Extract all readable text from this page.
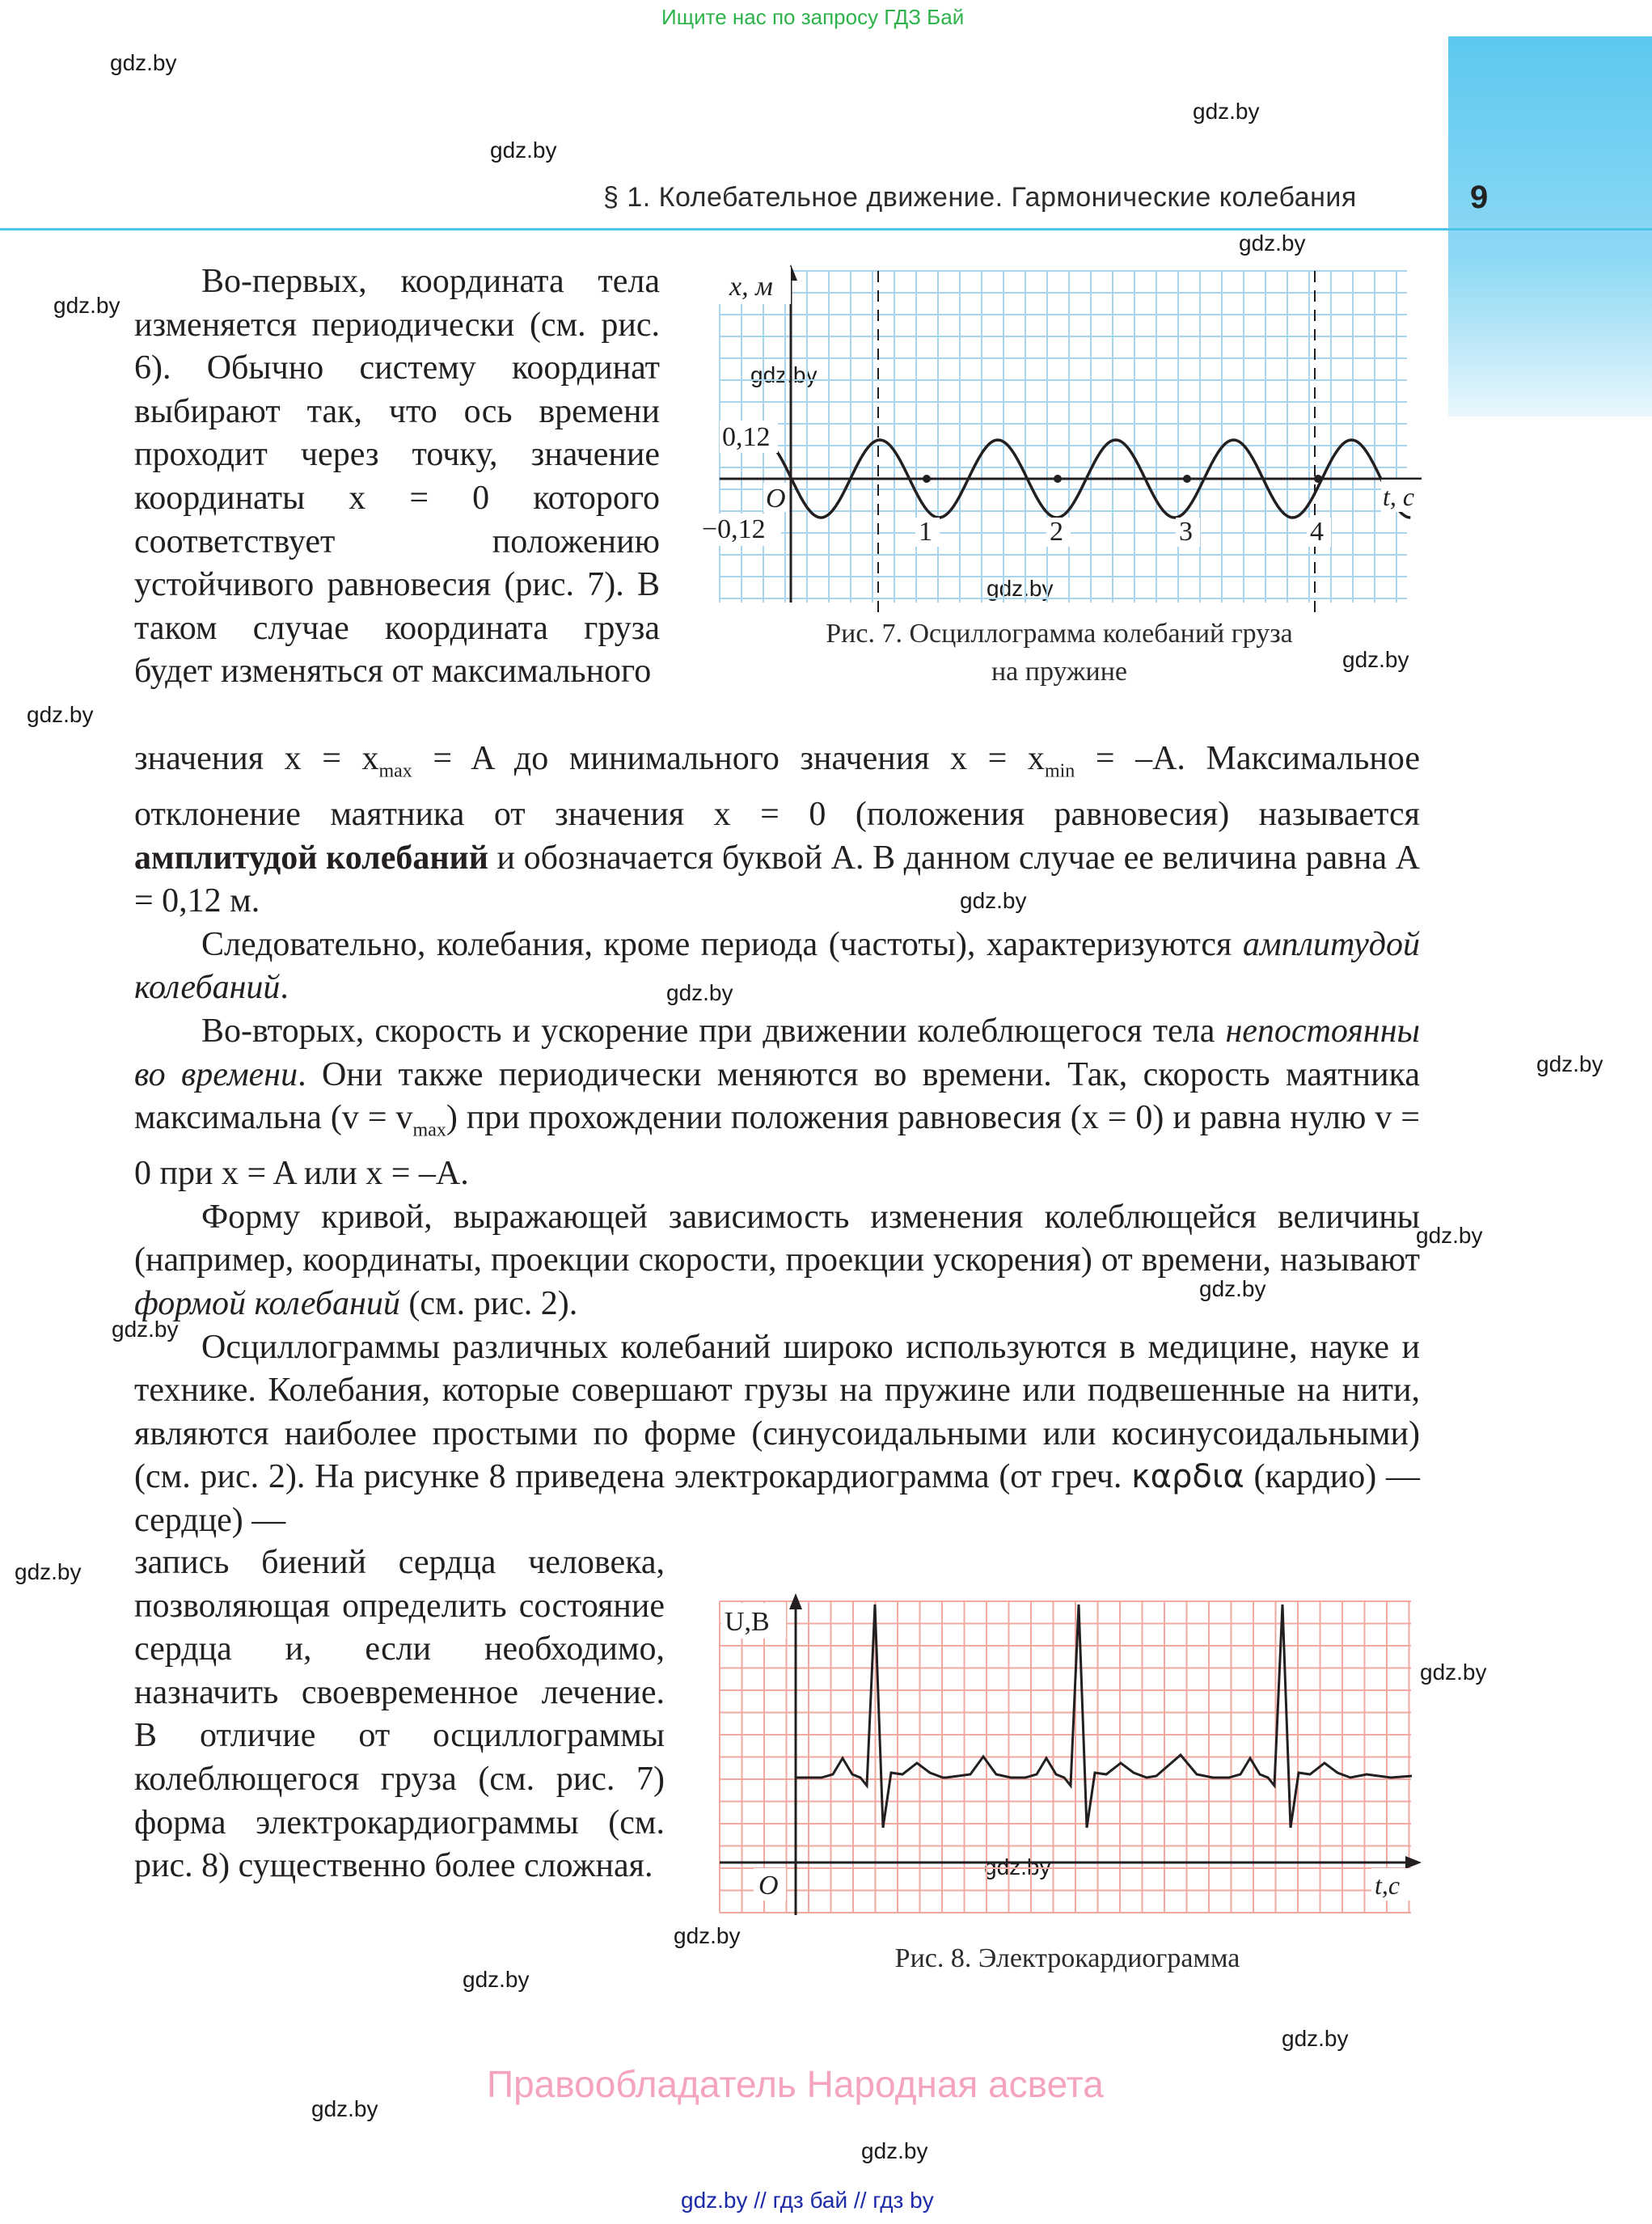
Ищите нас по запросу ГДЗ Бай
§ 1. Колебательное движение. Гармонические колебания	9
gdz.by
gdz.by
gdz.by
gdz.by
gdz.by
gdz.by
gdz.by
gdz.by
gdz.by
gdz.by
gdz.by
gdz.by
gdz.by
gdz.by
gdz.by
gdz.by
gdz.by
gdz.by
gdz.by
gdz.by
gdz.by
gdz.by
gdz.by

Во-первых, координата тела изменяется периодически (см. рис. 6). Обычно систему координат выбирают так, что ось времени проходит через точку, значение координаты x = 0 которого соответствует положению устойчивого равновесия (рис. 7). В таком случае координата груза будет изменяться от максимального

x, м
0,12
O
−0,12	1	2	3	4
t, с
Рис. 7. Осциллограмма колебаний груза
на пружине

значения $x = x_{max} = A$ до минимального значения $x = x_{min} = -A$. Максимальное отклонение маятника от значения x = 0 (положения равновесия) называется амплитудой колебаний и обозначается буквой A. В данном случае ее величина равна A = 0,12 м.

Следовательно, колебания, кроме периода (частоты), характеризуются амплитудой колебаний.

Во-вторых, скорость и ускорение при движении колеблющегося тела непостоянны во времени. Они также периодически меняются во времени. Так, скорость маятника максимальна $(v = v_{max})$ при прохождении положения равновесия (x = 0) и равна нулю v = 0 при x = A или x = –A.

Форму кривой, выражающей зависимость изменения колеблющейся величины (например, координаты, проекции скорости, проекции ускорения) от времени, называют формой колебаний (см. рис. 2).

Осциллограммы различных колебаний широко используются в медицине, науке и технике. Колебания, которые совершают грузы на пружине или подвешенные на нити, являются наиболее простыми по форме (синусоидальными или косинусоидальными) (см. рис. 2). На рисунке 8 приведена электрокардиограмма (от греч. καρδια (кардио) — сердце) —

запись биений сердца человека, позволяющая определить состояние сердца и, если необходимо, назначить своевременное лечение. В отличие от осциллограммы колеблющегося груза (см. рис. 7) форма электрокардиограммы (см. рис. 8) существенно более сложная.

U,В
O	t,с
Рис. 8. Электрокардиограмма
Правообладатель Народная асвета
gdz.by // гдз бай // гдз by
